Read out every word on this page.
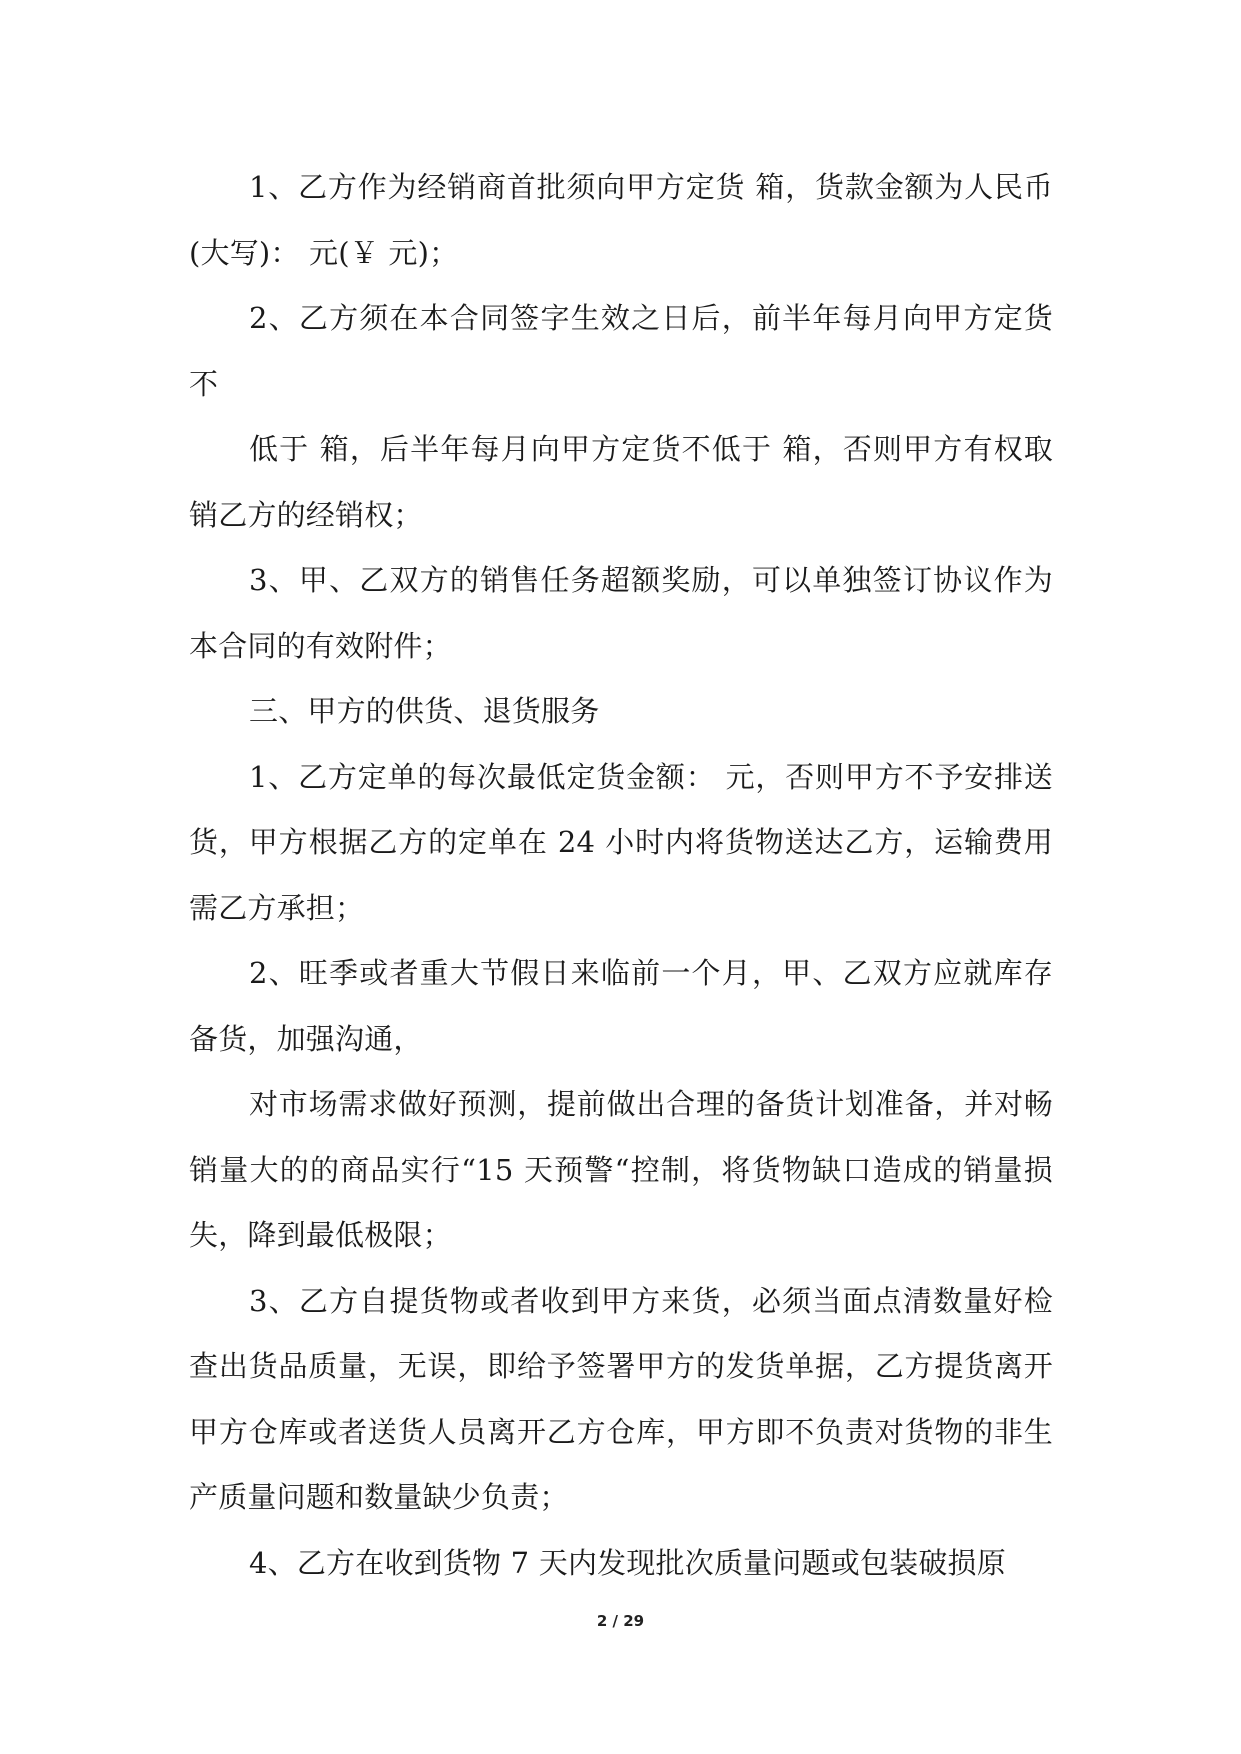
1、乙方作为经销商首批须向甲方定货 箱，货款金额为人民币(大写)： 元(￥ 元)；

2、乙方须在本合同签字生效之日后，前半年每月向甲方定货不

低于 箱，后半年每月向甲方定货不低于 箱，否则甲方有权取销乙方的经销权；

3、甲、乙双方的销售任务超额奖励，可以单独签订协议作为本合同的有效附件；

三、甲方的供货、退货服务

1、乙方定单的每次最低定货金额： 元，否则甲方不予安排送货，甲方根据乙方的定单在 24 小时内将货物送达乙方，运输费用需乙方承担；

2、旺季或者重大节假日来临前一个月，甲、乙双方应就库存备货，加强沟通，

对市场需求做好预测，提前做出合理的备货计划准备，并对畅销量大的的商品实行“15 天预警“控制，将货物缺口造成的销量损失，降到最低极限；

3、乙方自提货物或者收到甲方来货，必须当面点清数量好检查出货品质量，无误，即给予签署甲方的发货单据，乙方提货离开甲方仓库或者送货人员离开乙方仓库，甲方即不负责对货物的非生产质量问题和数量缺少负责；

4、乙方在收到货物 7 天内发现批次质量问题或包装破损原

2 / 29
